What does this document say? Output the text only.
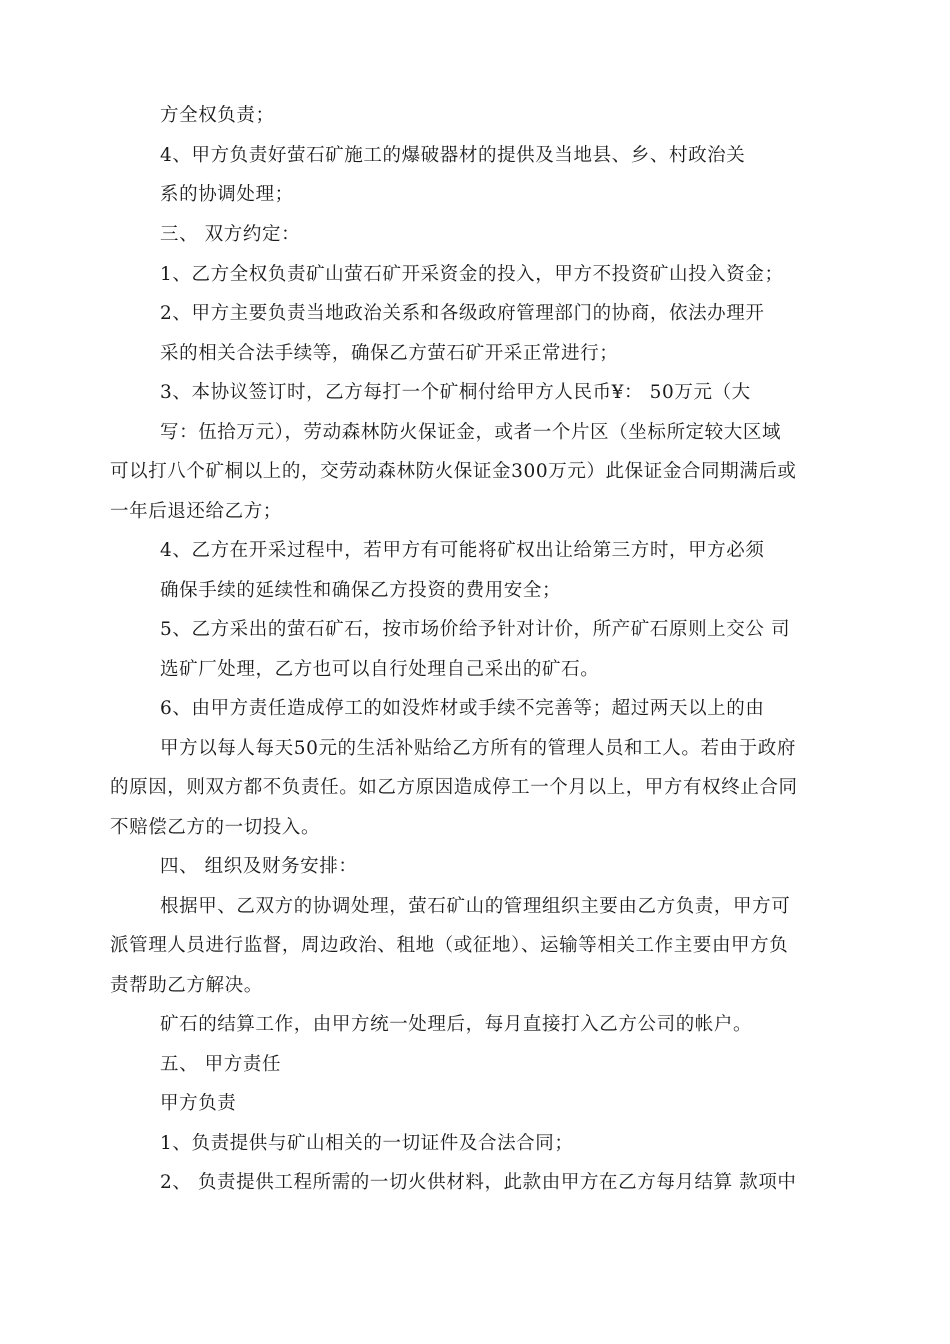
方全权负责；
4、甲方负责好萤石矿施工的爆破器材的提供及当地县、乡、村政治关
系的协调处理；
三、 双方约定：
1、乙方全权负责矿山萤石矿开采资金的投入，甲方不投资矿山投入资金；
2、甲方主要负责当地政治关系和各级政府管理部门的协商，依法办理开
采的相关合法手续等，确保乙方萤石矿开采正常进行；
3、本协议签订时，乙方每打一个矿桐付给甲方人民币¥： 50万元（大
写：伍拾万元），劳动森林防火保证金，或者一个片区（坐标所定较大区域
可以打八个矿桐以上的，交劳动森林防火保证金300万元）此保证金合同期满后或
一年后退还给乙方；
4、乙方在开采过程中，若甲方有可能将矿权出让给第三方时，甲方必须
确保手续的延续性和确保乙方投资的费用安全；
5、乙方采出的萤石矿石，按市场价给予针对计价，所产矿石原则上交公 司
选矿厂处理，乙方也可以自行处理自己采出的矿石。
6、由甲方责任造成停工的如没炸材或手续不完善等；超过两天以上的由
甲方以每人每天50元的生活补贴给乙方所有的管理人员和工人。若由于政府
的原因，则双方都不负责任。如乙方原因造成停工一个月以上，甲方有权终止合同
不赔偿乙方的一切投入。
四、 组织及财务安排：
根据甲、乙双方的协调处理，萤石矿山的管理组织主要由乙方负责，甲方可
派管理人员进行监督，周边政治、租地（或征地）、运输等相关工作主要由甲方负
责帮助乙方解决。
矿石的结算工作，由甲方统一处理后，每月直接打入乙方公司的帐户。
五、 甲方责任
甲方负责
1、负责提供与矿山相关的一切证件及合法合同；
2、 负责提供工程所需的一切火供材料，此款由甲方在乙方每月结算 款项中
